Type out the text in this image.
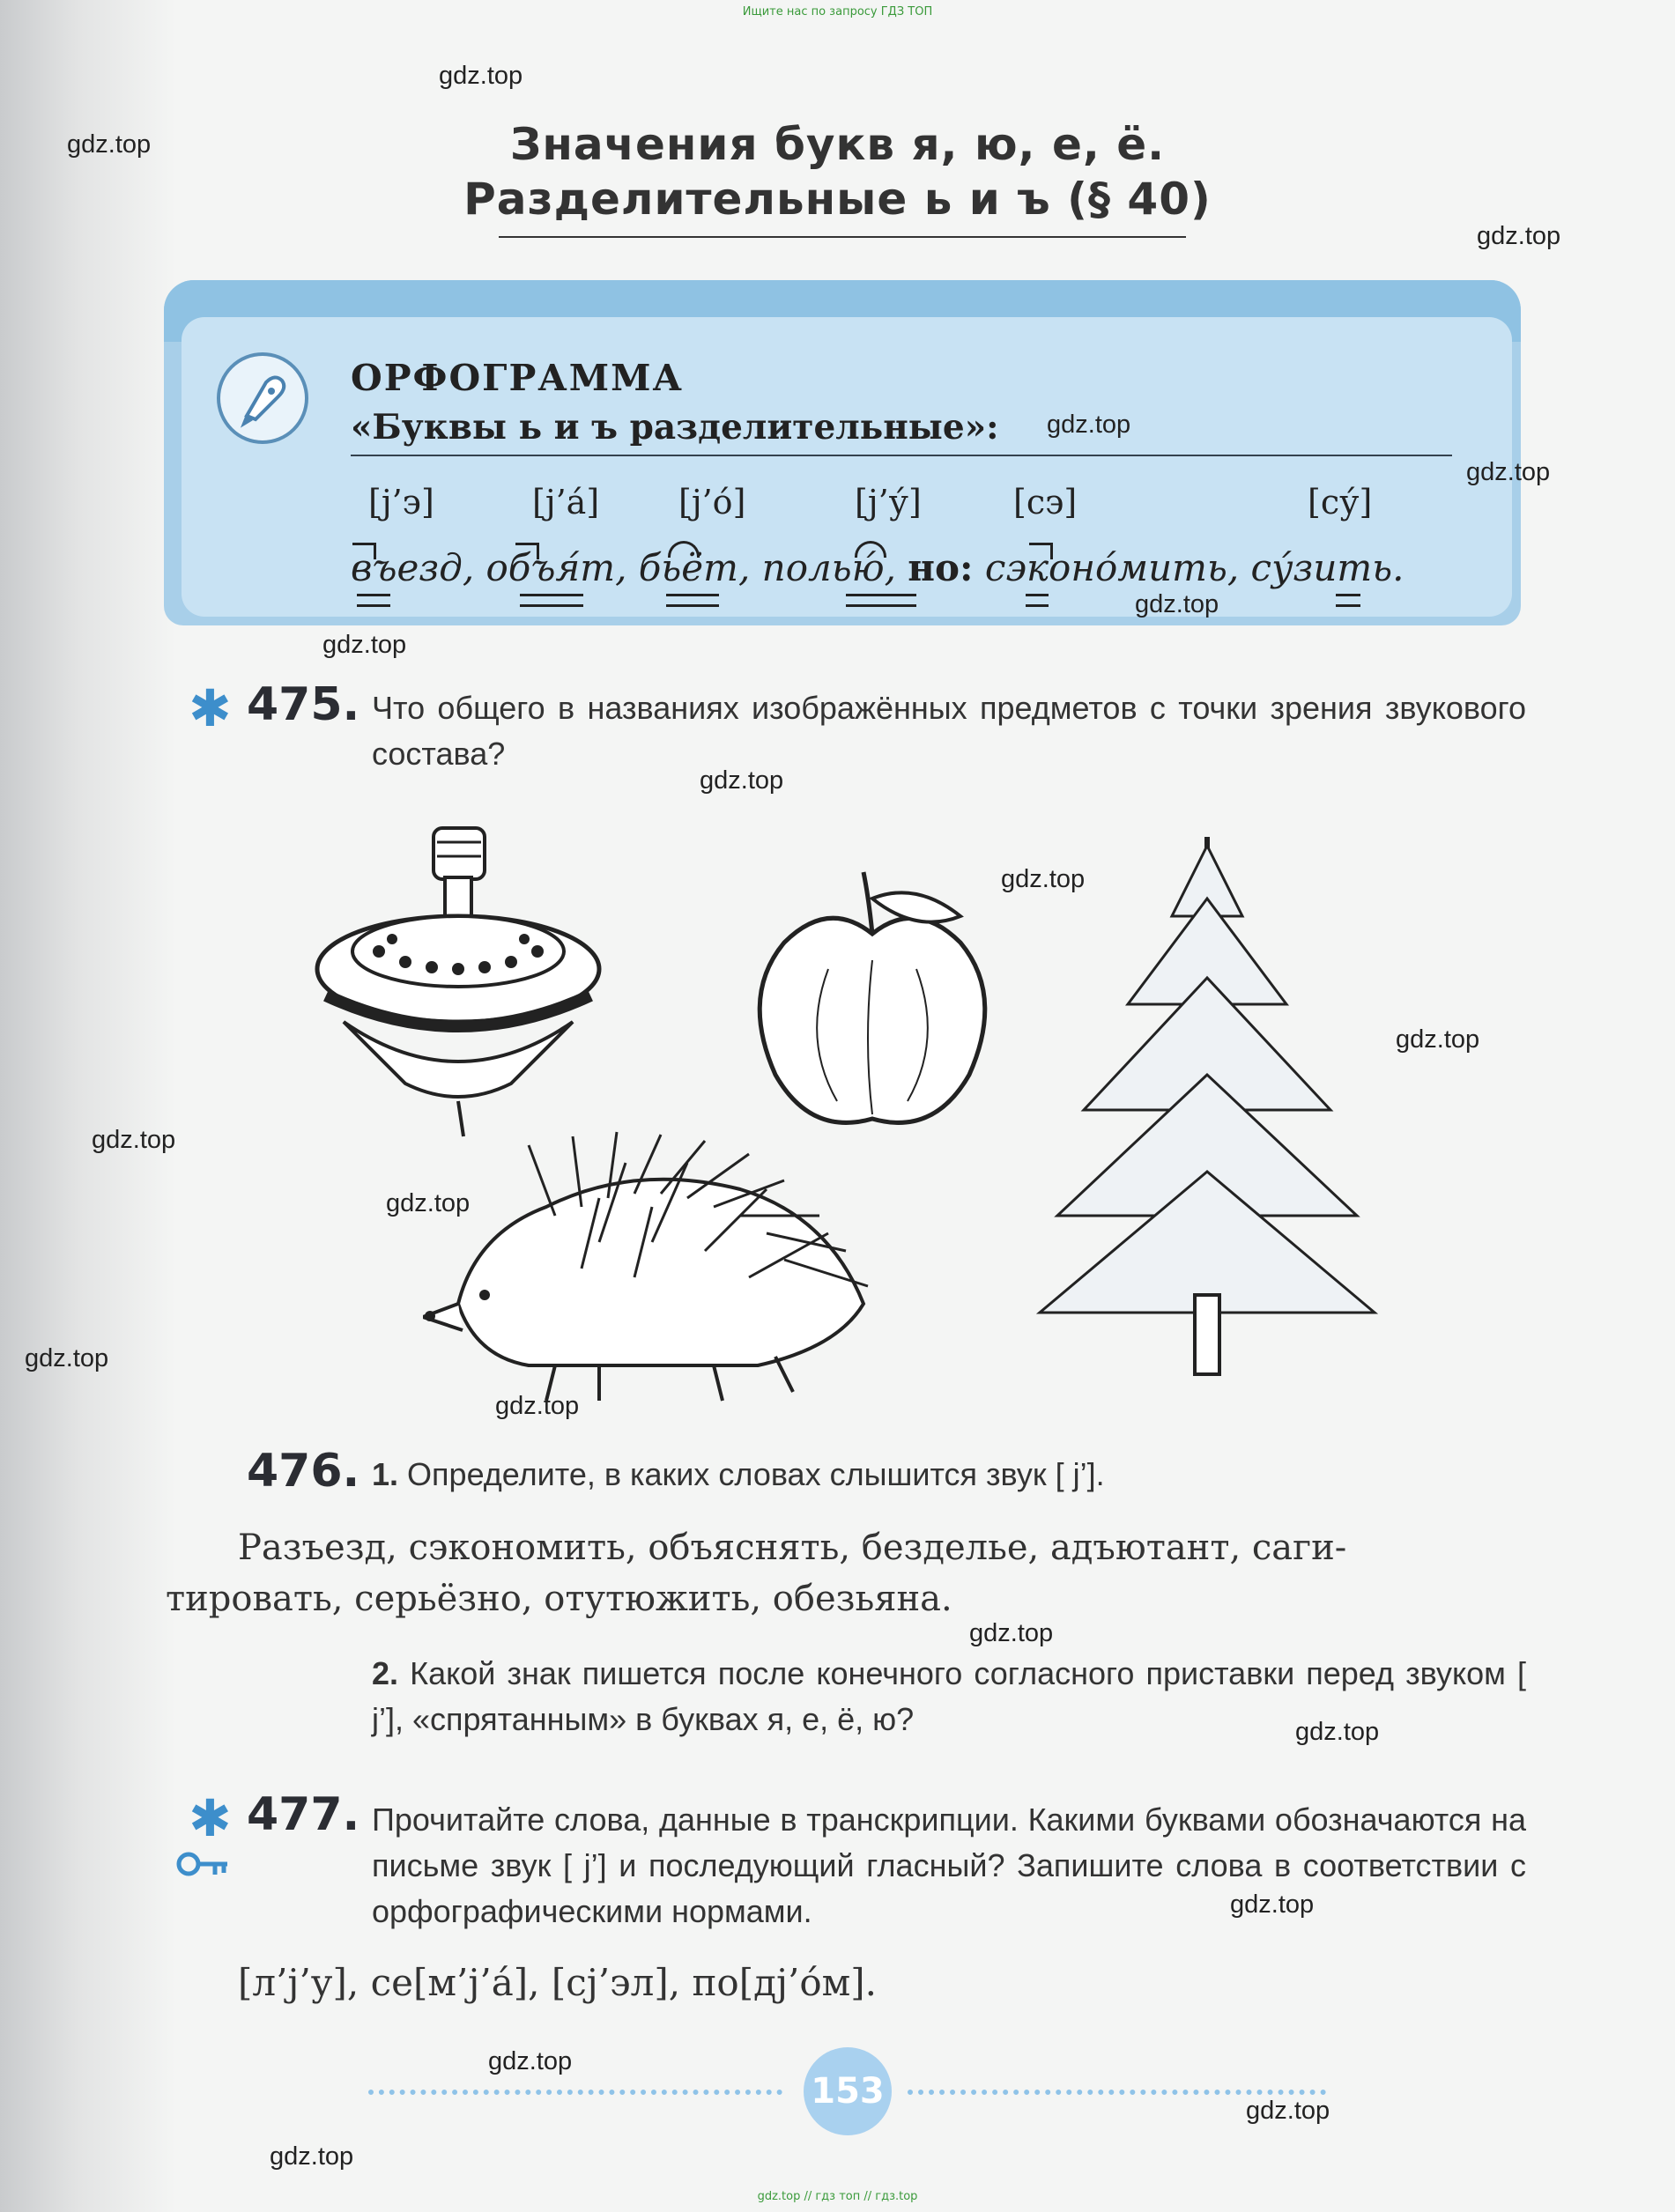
Ищите нас по запросу ГДЗ ТОП
Значения букв я, ю, е, ё.
Разделительные ь и ъ (§ 40)
ОРФОГРАММА
«Буквы ь и ъ разделительные»:
[j’э]	[j’а́] [j’о́]	[j’у́]	[сэ]	[су́]
въезд, объя́т, бьёт, полью́, но: сэконо́мить, су́зить.
✱ 475. Что общего в названиях изображённых предметов с точки зрения звукового состава?
476. 1. Определите, в каких словах слышится звук [ j’].
Разъезд, сэкономить, объяснять, безделье, адъютант, саги-
тировать, серьёзно, отутюжить, обезьяна.
2. Какой знак пишется после конечного согласного приставки перед звуком [ j’], «спрятанным» в буквах я, е, ё, ю?
✱ 477. Прочитайте слова, данные в транскрипции. Какими буквами обозначаются на письме звук [ j’] и последующий гласный? Запишите слова в соответствии с орфографическими нормами.
[л’j’у], се[м’j’а́], [сj’эл], по[дj’о́м].
153
gdz.top
gdz.top
gdz.top
gdz.top
gdz.top
gdz.top
gdz.top
gdz.top
gdz.top
gdz.top
gdz.top
gdz.top
gdz.top
gdz.top
gdz.top
gdz.top
gdz.top
gdz.top
gdz.top
gdz.top
gdz.top // гдз топ // гдз.top
